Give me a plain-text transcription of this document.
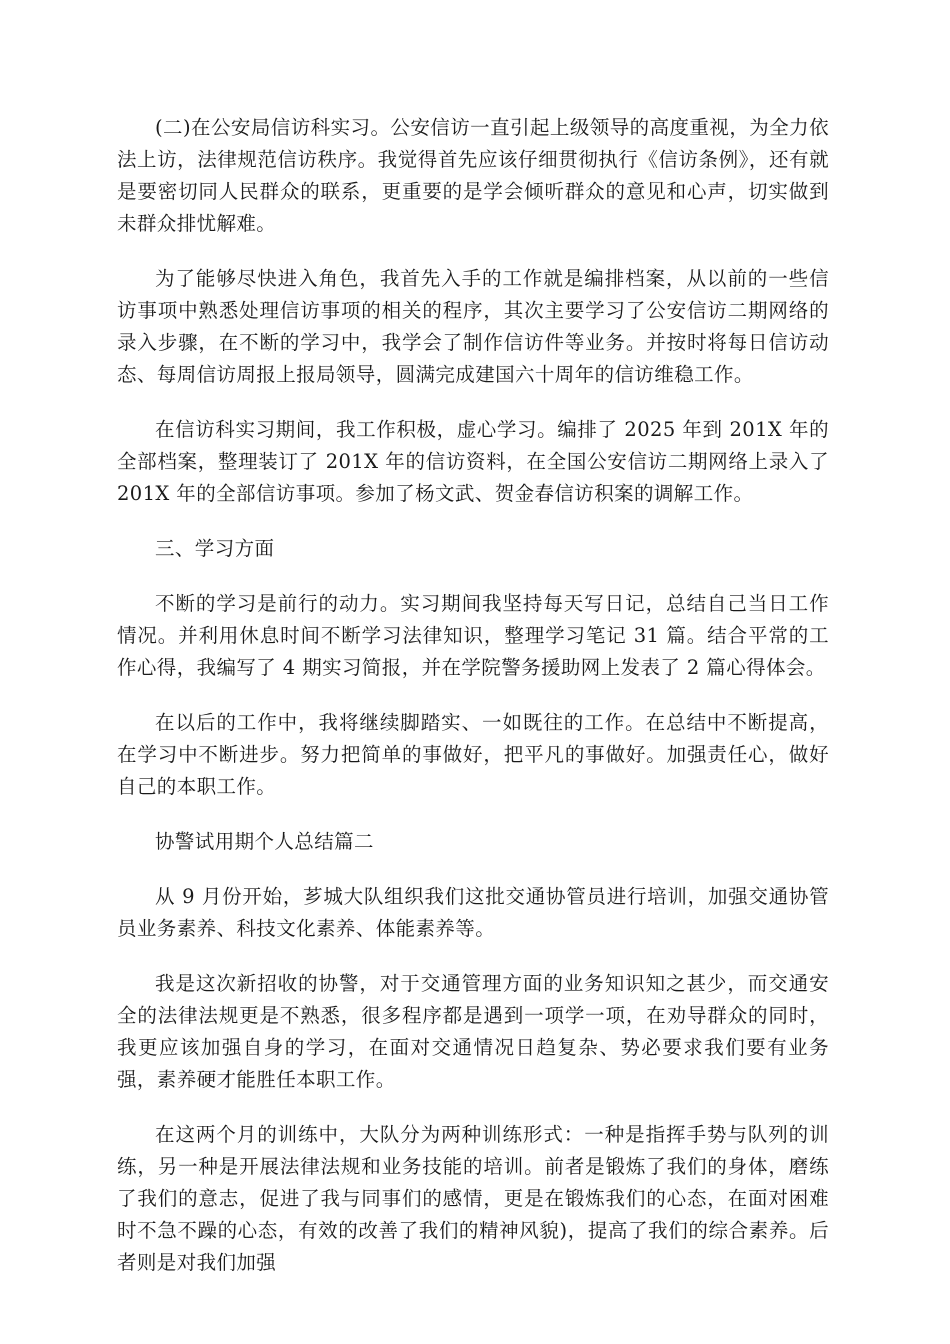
(二)在公安局信访科实习。公安信访一直引起上级领导的高度重视，为全力依法上访，法律规范信访秩序。我觉得首先应该仔细贯彻执行《信访条例》，还有就是要密切同人民群众的联系，更重要的是学会倾听群众的意见和心声，切实做到未群众排忧解难。

为了能够尽快进入角色，我首先入手的工作就是编排档案，从以前的一些信访事项中熟悉处理信访事项的相关的程序，其次主要学习了公安信访二期网络的录入步骤，在不断的学习中，我学会了制作信访件等业务。并按时将每日信访动态、每周信访周报上报局领导，圆满完成建国六十周年的信访维稳工作。

在信访科实习期间，我工作积极，虚心学习。编排了 2025 年到 201X 年的全部档案，整理装订了 201X 年的信访资料，在全国公安信访二期网络上录入了 201X 年的全部信访事项。参加了杨文武、贺金春信访积案的调解工作。

三、学习方面

不断的学习是前行的动力。实习期间我坚持每天写日记，总结自己当日工作情况。并利用休息时间不断学习法律知识，整理学习笔记 31 篇。结合平常的工作心得，我编写了 4 期实习简报，并在学院警务援助网上发表了 2 篇心得体会。

在以后的工作中，我将继续脚踏实、一如既往的工作。在总结中不断提高，在学习中不断进步。努力把简单的事做好，把平凡的事做好。加强责任心，做好自己的本职工作。

协警试用期个人总结篇二

从 9 月份开始，芗城大队组织我们这批交通协管员进行培训，加强交通协管员业务素养、科技文化素养、体能素养等。

我是这次新招收的协警，对于交通管理方面的业务知识知之甚少，而交通安全的法律法规更是不熟悉，很多程序都是遇到一项学一项，在劝导群众的同时，我更应该加强自身的学习，在面对交通情况日趋复杂、势必要求我们要有业务强，素养硬才能胜任本职工作。

在这两个月的训练中，大队分为两种训练形式：一种是指挥手势与队列的训练，另一种是开展法律法规和业务技能的培训。前者是锻炼了我们的身体，磨练了我们的意志，促进了我与同事们的感情，更是在锻炼我们的心态，在面对困难时不急不躁的心态，有效的改善了我们的精神风貌)，提高了我们的综合素养。后者则是对我们加强
